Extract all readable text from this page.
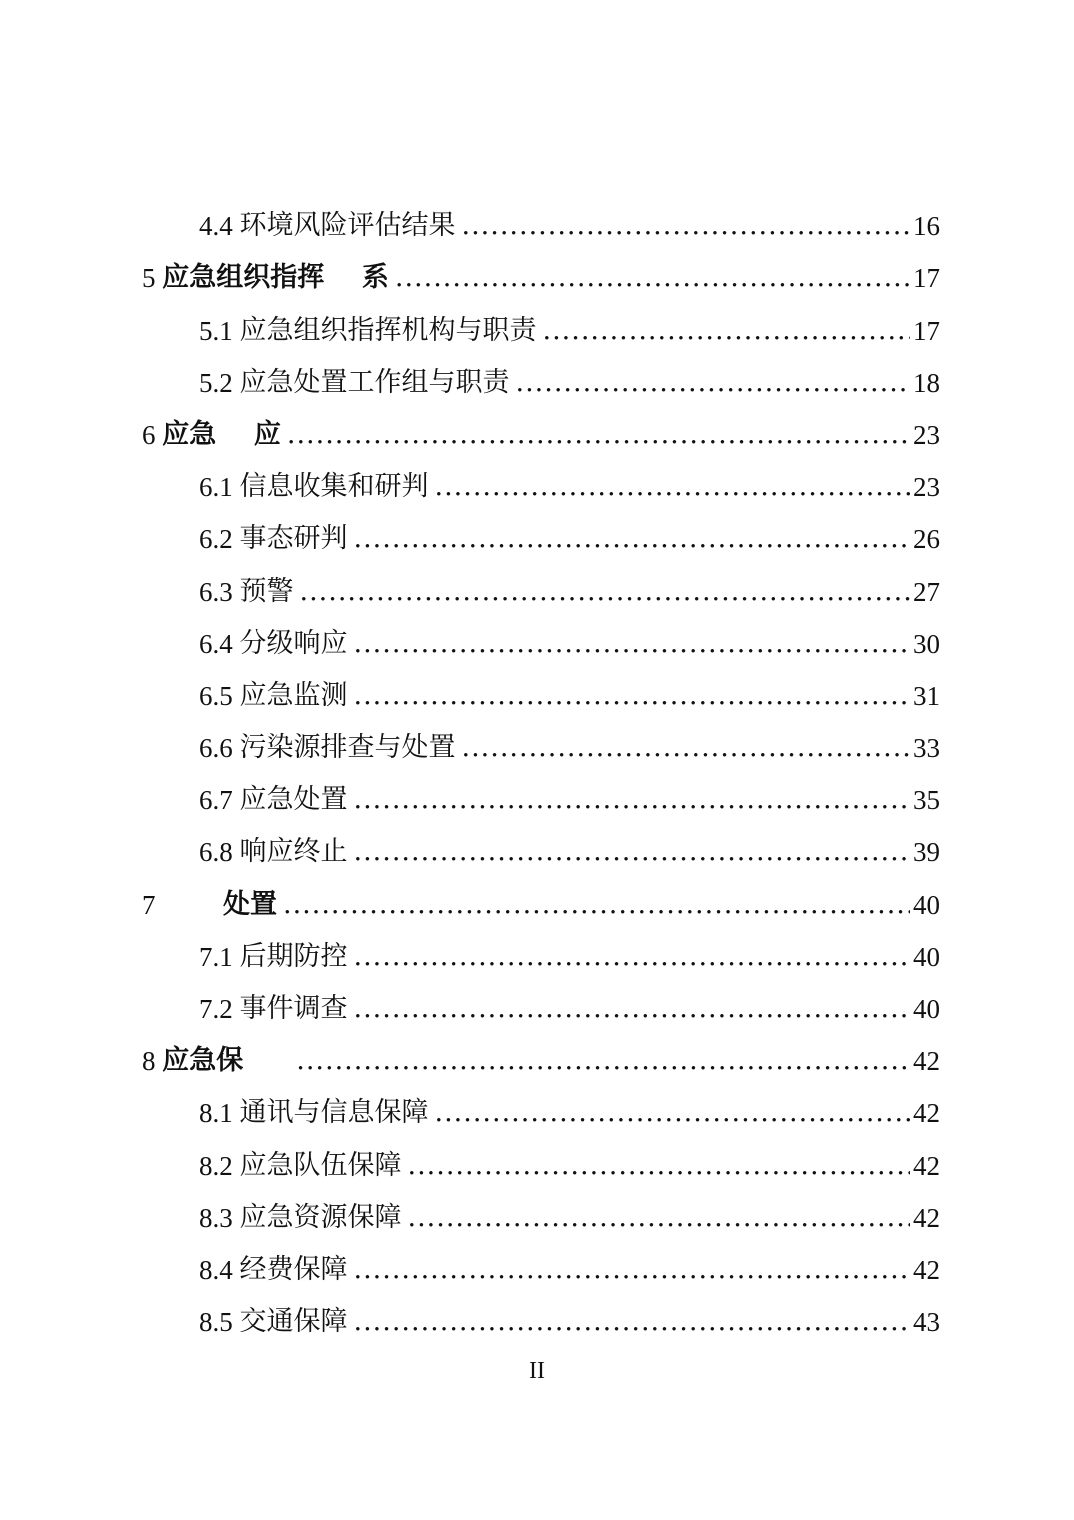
4.4 环境风险评估结果 .....	16
5 应急组织指挥    系 .....	17
5.1 应急组织指挥机构与职责 .....	17
5.2 应急处置工作组与职责 .....	18
6 应急    应 .....	23
6.1 信息收集和研判 .....	23
6.2 事态研判 .....	26
6.3 预警 .....	27
6.4 分级响应 .....	30
6.5 应急监测 .....	31
6.6 污染源排查与处置 .....	33
6.7 应急处置 .....	35
6.8 响应终止 .....	39
7 处置 .....	40
7.1 后期防控 .....	40
7.2 事件调查 .....	40
8 应急保 .....	42
8.1 通讯与信息保障 .....	42
8.2 应急队伍保障 .....	42
8.3 应急资源保障 .....	42
8.4 经费保障 .....	42
8.5 交通保障 .....	43
II
